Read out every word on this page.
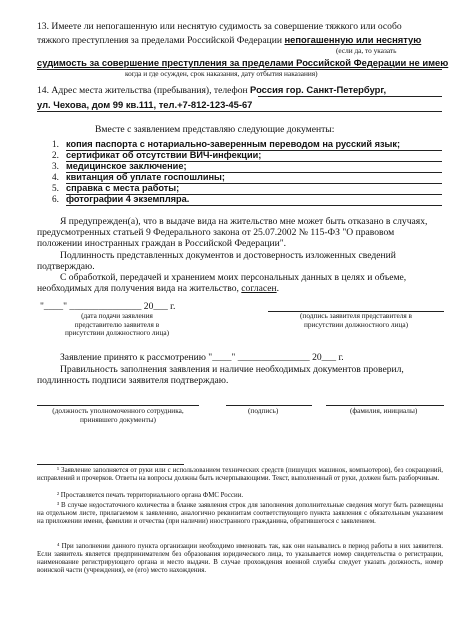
13. Имеете ли непогашенную или неснятую судимость за совершение тяжкого или особо
тяжкого преступления за пределами Российской Федерации непогашенную или неснятую
(если да, то указать
судимость за совершение преступления за пределами Российской Федерации не имею
когда и где осужден, срок наказания, дату отбытия наказания)
14. Адрес места жительства (пребывания), телефон Россия гор. Санкт-Петербург,
ул. Чехова, дом 99 кв.111, тел.+7-812-123-45-67
Вместе с заявлением представляю следующие документы:
1. копия паспорта с нотариально-заверенным переводом на русский язык;
2. сертификат об отсутствии ВИЧ-инфекции;
3. медицинское заключение;
4. квитанция об уплате госпошлины;
5. справка с места работы;
6. фотографии 4 экземпляра.
Я предупрежден(а), что в выдаче вида на жительство мне может быть отказано в случаях,
предусмотренных статьей 9 Федерального закона от 25.07.2002 № 115-ФЗ "О правовом
положении иностранных граждан в Российской Федерации".
Подлинность представленных документов и достоверность изложенных сведений
подтверждаю.
С обработкой, передачей и хранением моих персональных данных в целях и объеме,
необходимых для получения вида на жительство, согласен.
"____" _______________ 20___ г.
(дата подачи заявления
представителю заявителя в
присутствии должностного лица)
(подпись заявителя представителя в
присутствии должностного лица)
Заявление принято к рассмотрению "____" _______________ 20___ г.
Правильность заполнения заявления и наличие необходимых документов проверил,
подлинность подписи заявителя подтверждаю.
(должность уполномоченного сотрудника,
принявшего документы)
(подпись)	(фамилия, инициалы)
¹ Заявление заполняется от руки или с использованием технических средств (пишущих машинок, компьютеров), без сокращений, исправлений и прочерков. Ответы на вопросы должны быть исчерпывающими. Текст, выполненный от руки, должен быть разборчивым.
² Проставляется печать территориального органа ФМС России.
³ В случае недостаточного количества в бланке заявления строк для заполнения дополнительные сведения могут быть размещены на отдельном листе, прилагаемом к заявлению, аналогично реквизитам соответствующего пункта заявления с обязательным указанием на приложении имени, фамилии и отчества (при наличии) иностранного гражданина, обратившегося с заявлением.
⁴ При заполнении данного пункта организации необходимо именовать так, как они назывались в период работы в них заявителя. Если заявитель является предпринимателем без образования юридического лица, то указывается номер свидетельства о регистрации, наименование регистрирующего органа и место выдачи. В случае прохождения военной службы следует указать должность, номер воинской части (учреждения), ее (его) место нахождения.
